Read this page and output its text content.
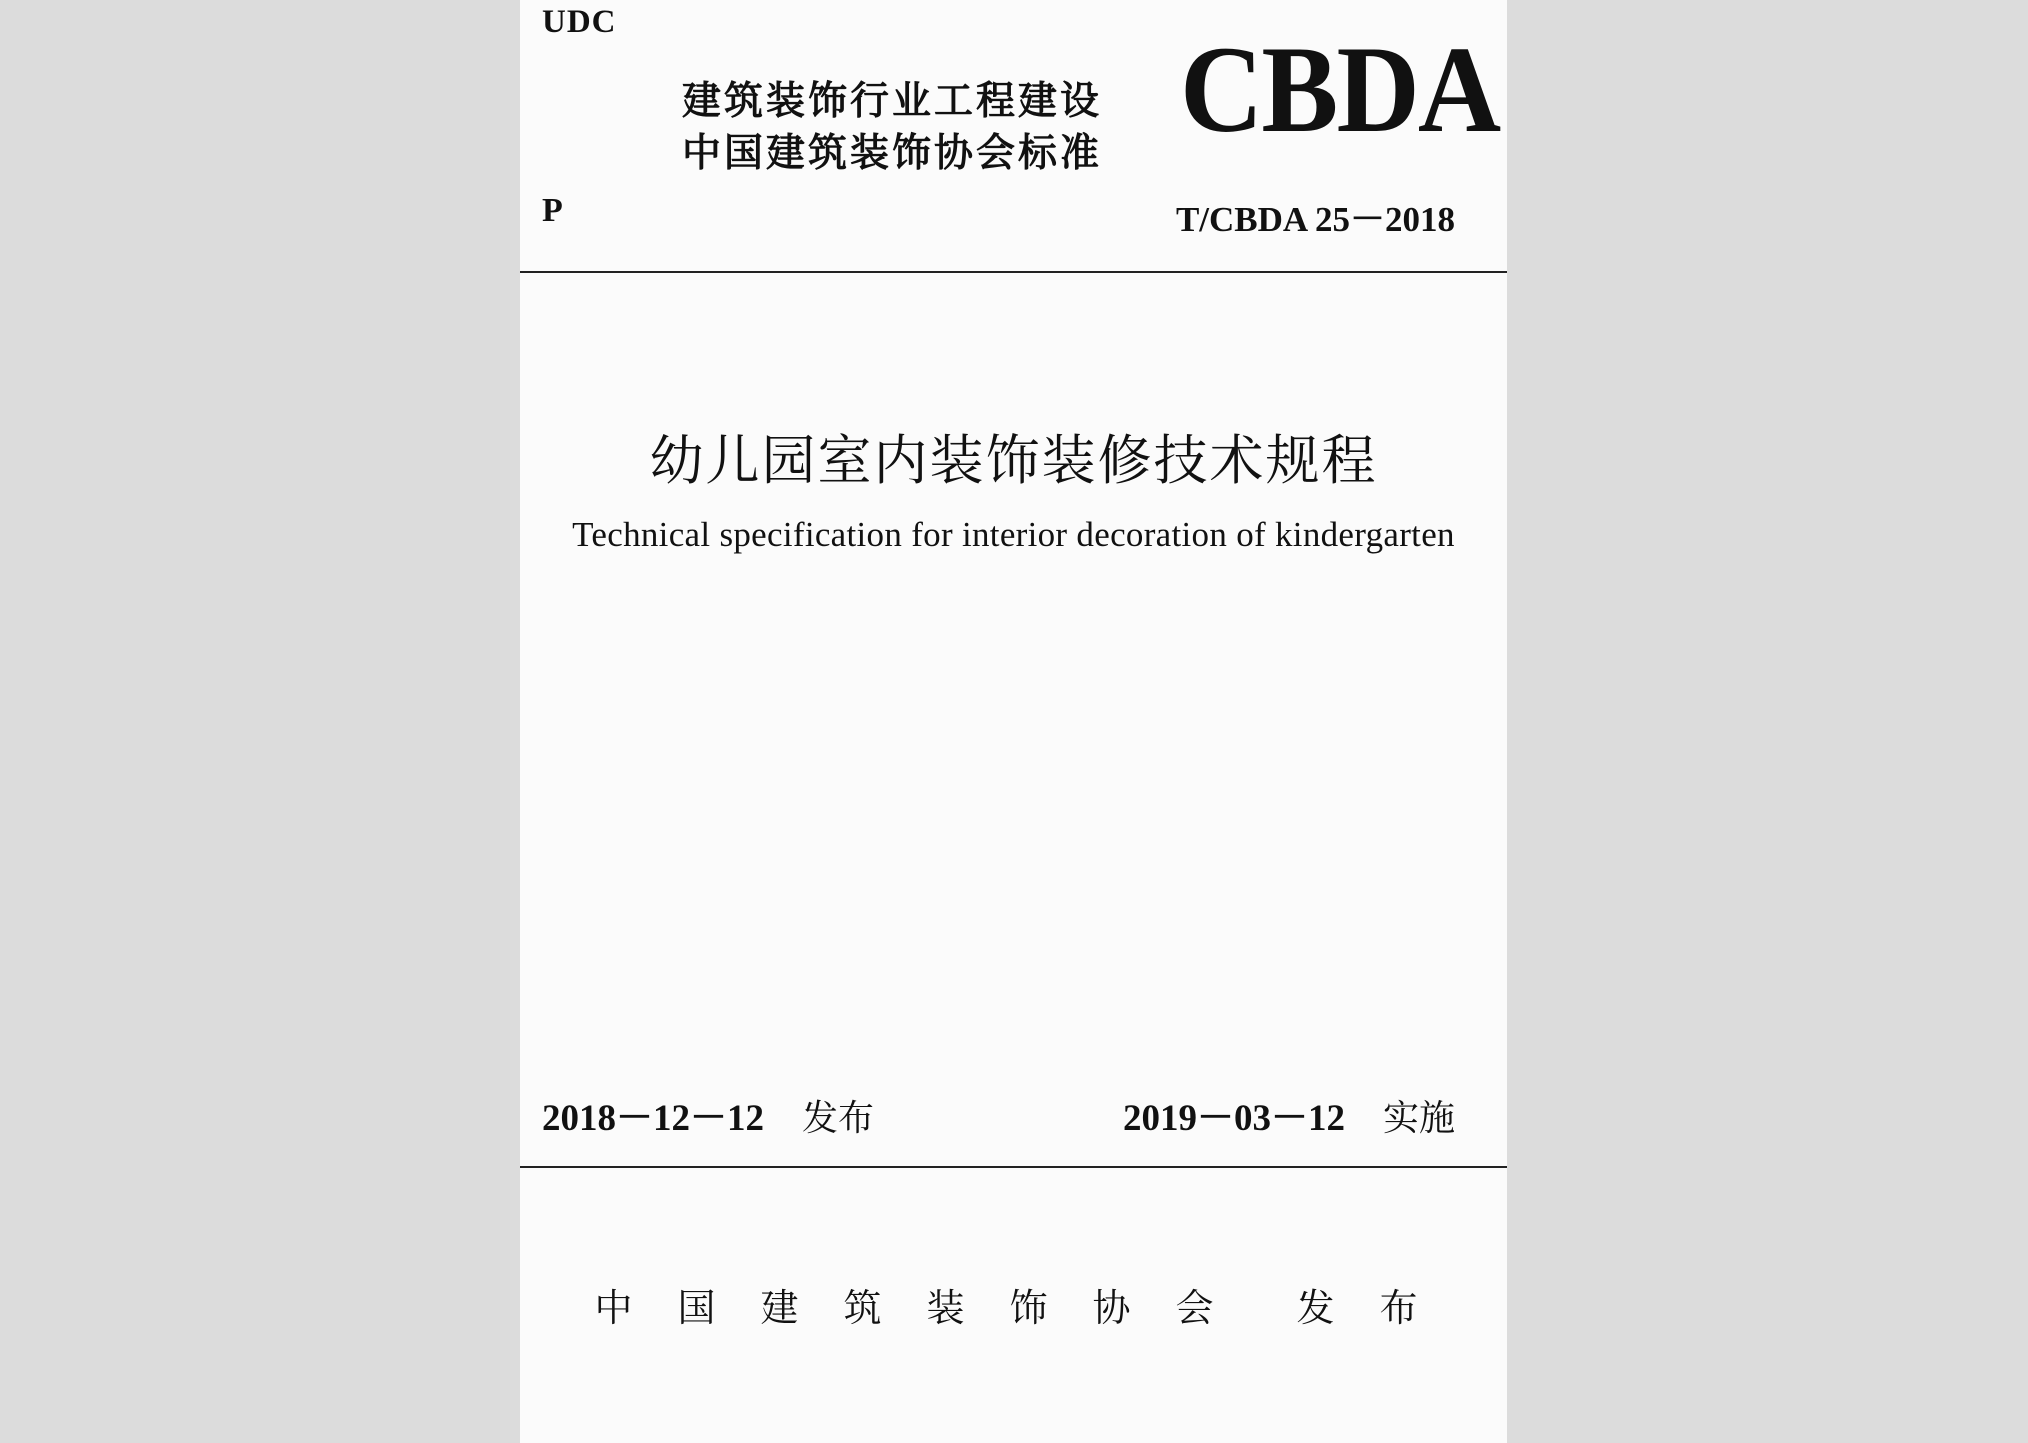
UDC
建筑装饰行业工程建设
中国建筑装饰协会标准 CBDA
P	T/CBDA 25－2018
幼儿园室内装饰装修技术规程
Technical specification for interior decoration of kindergarten
2018－12－12 发布	2019－03－12 实施
中国建筑装饰协会 发布
